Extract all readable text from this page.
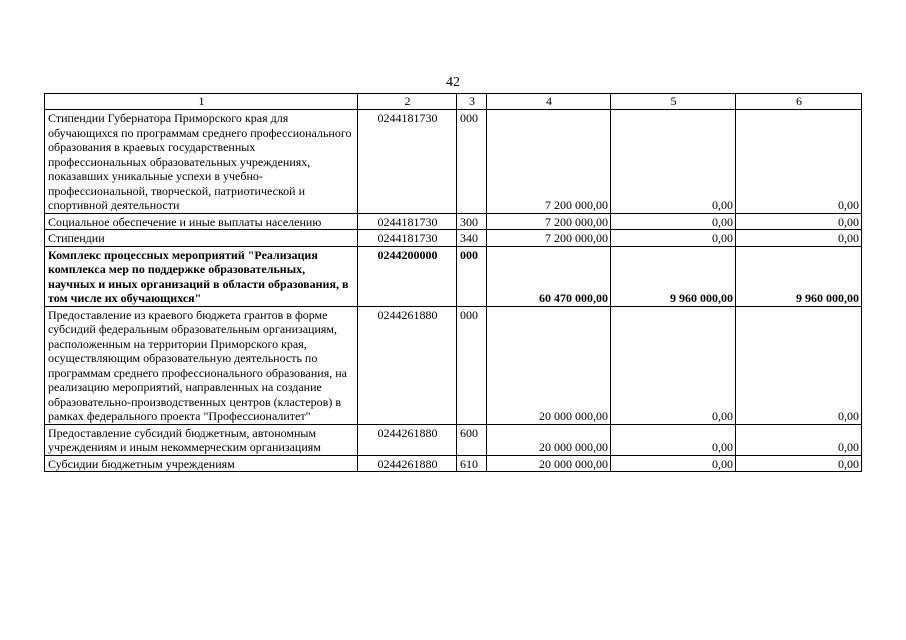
42
1	2	3	4	5	6
Стипендии Губернатора Приморского края для обучающихся по программам среднего профессионального образования в краевых государственных профессиональных образовательных учреждениях, показавших уникальные успехи в учебно-профессиональной, творческой, патриотической и спортивной деятельности	0244181730	000	7 200 000,00	0,00	0,00
Социальное обеспечение и иные выплаты населению	0244181730	300	7 200 000,00	0,00	0,00
Стипендии	0244181730	340	7 200 000,00	0,00	0,00
Комплекс процессных мероприятий "Реализация комплекса мер по поддержке образовательных, научных и иных организаций в области образования, в том числе их обучающихся"	0244200000	000	60 470 000,00	9 960 000,00	9 960 000,00
Предоставление из краевого бюджета грантов в форме субсидий федеральным образовательным организациям, расположенным на территории Приморского края, осуществляющим образовательную деятельность по программам среднего профессионального образования, на реализацию мероприятий, направленных на создание образовательно-производственных центров (кластеров) в рамках федерального проекта "Профессионалитет"	0244261880	000	20 000 000,00	0,00	0,00
Предоставление субсидий бюджетным, автономным учреждениям и иным некоммерческим организациям	0244261880	600	20 000 000,00	0,00	0,00
Субсидии бюджетным учреждениям	0244261880	610	20 000 000,00	0,00	0,00
